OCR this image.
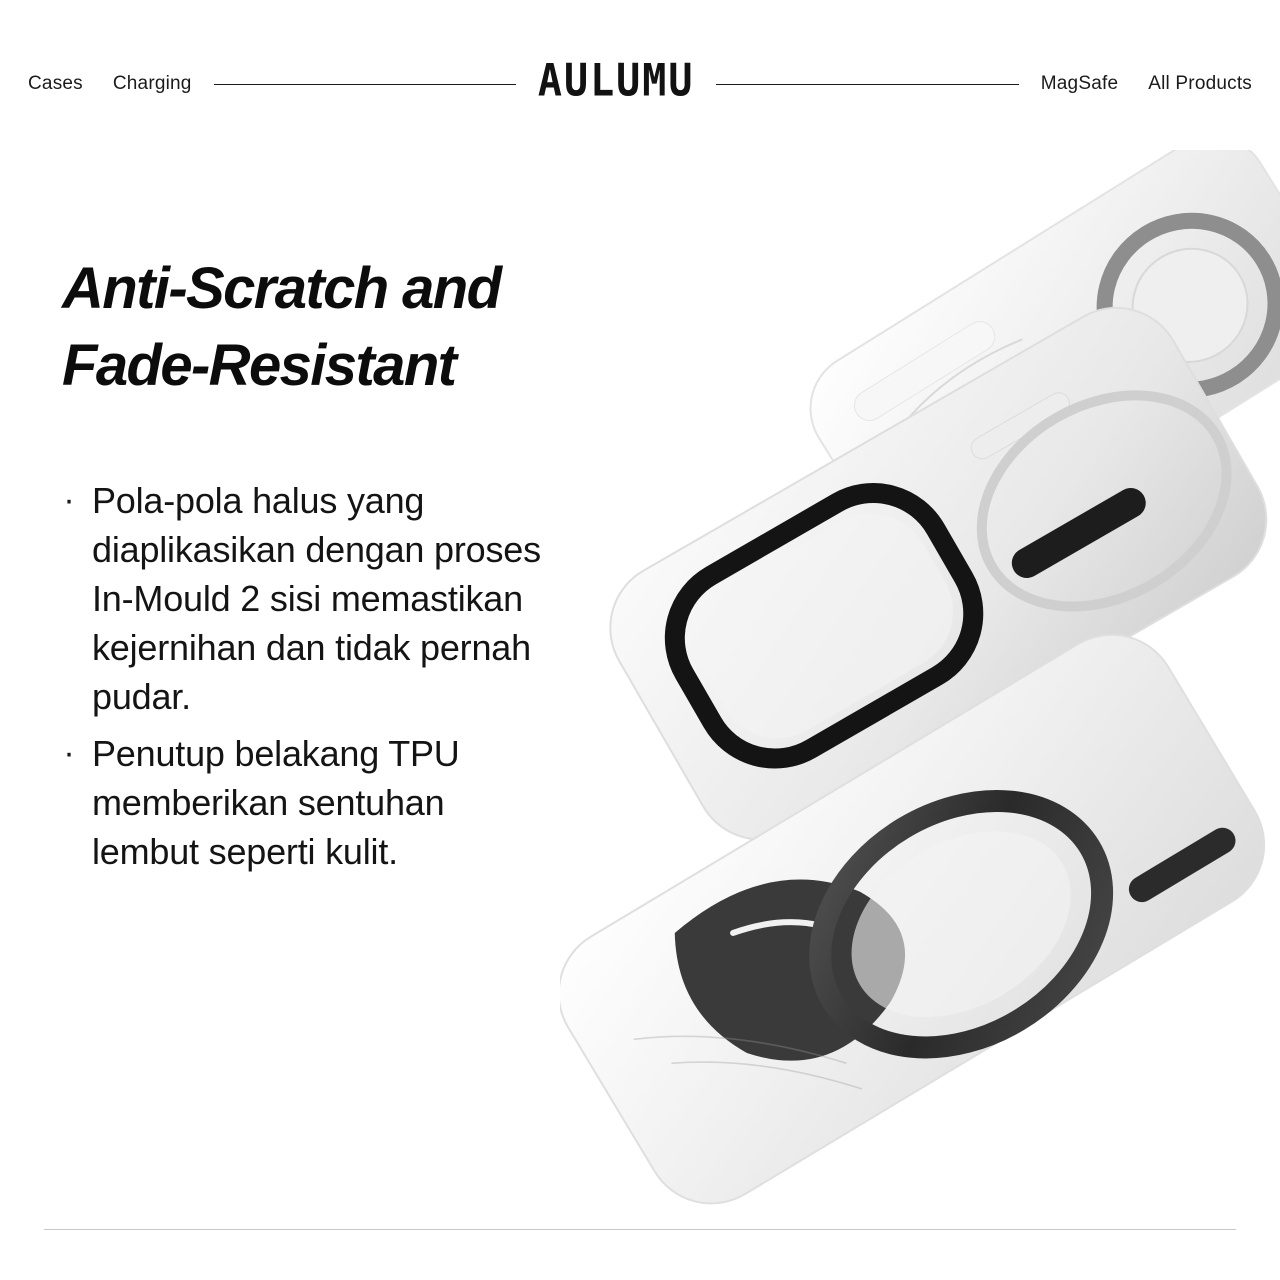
Cases Charging	AULUMU	MagSafe All Products
Anti-Scratch and
Fade-Resistant
· Pola-pola halus yang diaplikasikan dengan proses In-Mould 2 sisi memastikan kejernihan dan tidak pernah pudar.
· Penutup belakang TPU memberikan sentuhan lembut seperti kulit.
